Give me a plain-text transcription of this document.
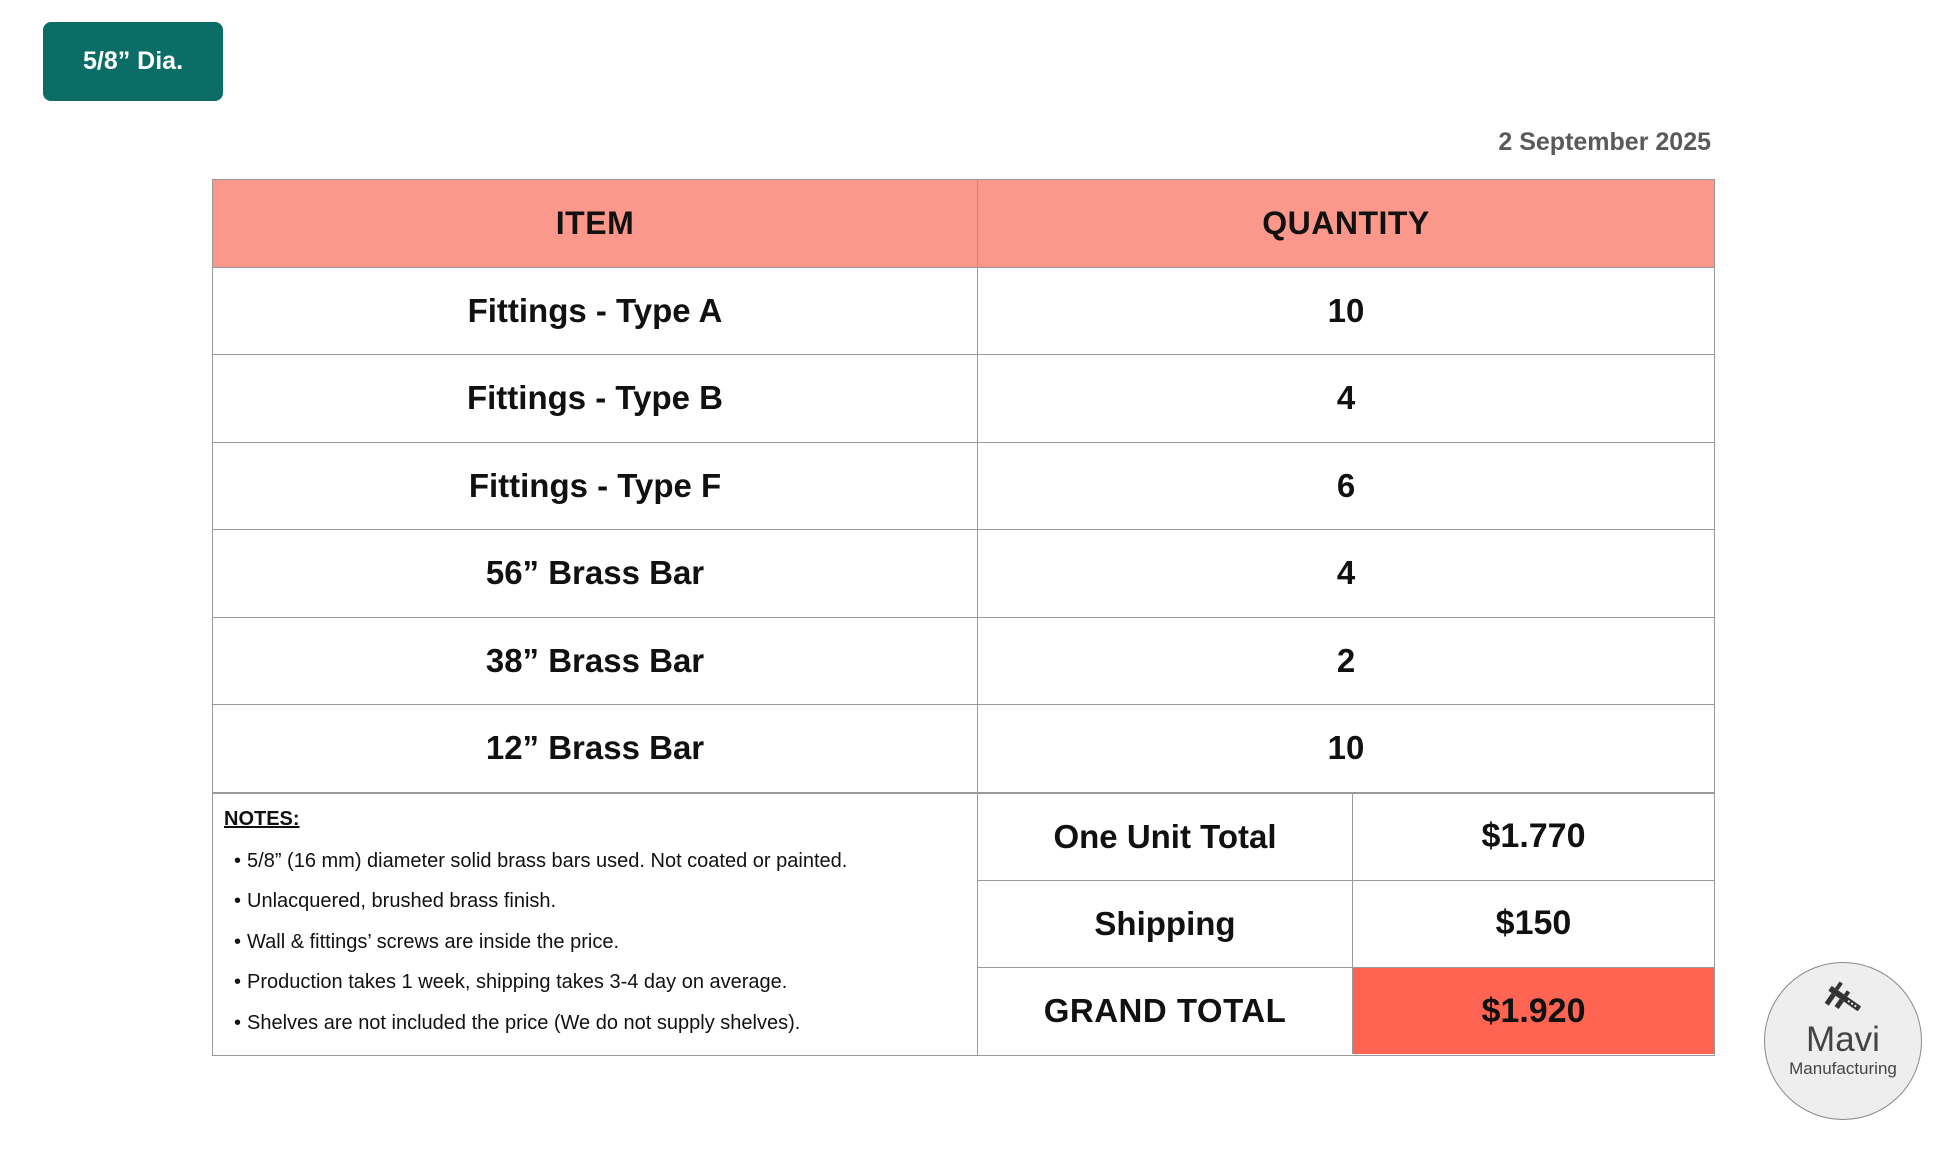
5/8” Dia.
2 September 2025
ITEM	QUANTITY
Fittings - Type A	10
Fittings - Type B	4
Fittings - Type F	6
56” Brass Bar	4
38” Brass Bar	2
12” Brass Bar	10
NOTES:
• 5/8” (16 mm) diameter solid brass bars used. Not coated or painted.
• Unlacquered, brushed brass finish.
• Wall & fittings’ screws are inside the price.
• Production takes 1 week, shipping takes 3-4 day on average.
• Shelves are not included the price (We do not supply shelves).
One Unit Total	$1.770
Shipping	$150
GRAND TOTAL	$1.920
Mavi
Manufacturing
